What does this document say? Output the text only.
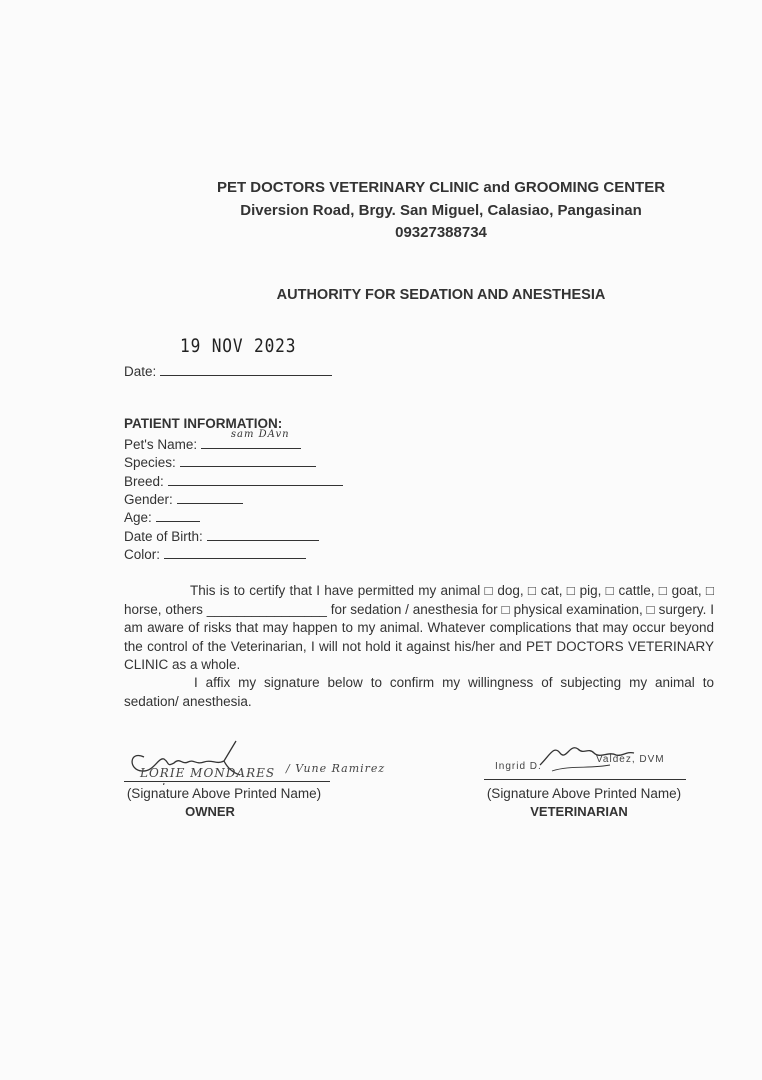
PET DOCTORS VETERINARY CLINIC and GROOMING CENTER
Diversion Road, Brgy. San Miguel, Calasiao, Pangasinan
09327388734
AUTHORITY FOR SEDATION AND ANESTHESIA
19 NOV 2023
Date:
PATIENT INFORMATION:
Pet's Name:
sam DAvn
Species:
Breed:
Gender:
Age:
Date of Birth:
Color:
This is to certify that I have permitted my animal □ dog, □ cat, □ pig, □ cattle, □ goat, □ horse, others ________________ for sedation / anesthesia for □ physical examination, □ surgery. I am aware of risks that may happen to my animal. Whatever complications that may occur beyond the control of the Veterinarian, I will not hold it against his/her and PET DOCTORS VETERINARY CLINIC as a whole.
I affix my signature below to confirm my willingness of subjecting my animal to sedation/ anesthesia.
LORIE MONDARES / Vune Ramirez
(Signature Above Printed Name)
OWNER
Ingrid D.
Valdez, DVM
(Signature Above Printed Name)
VETERINARIAN
